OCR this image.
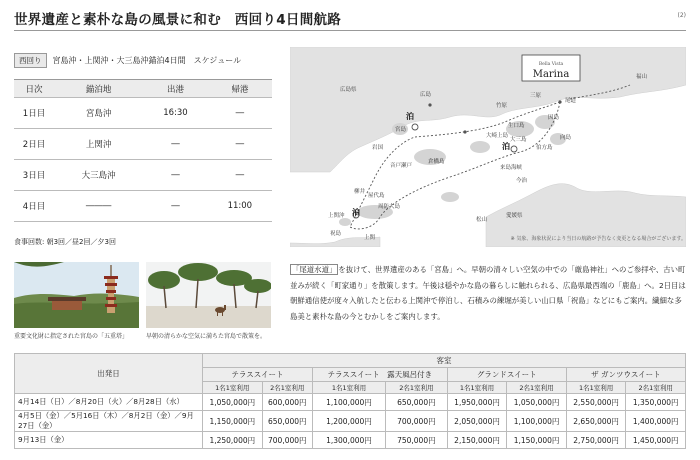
世界遺産と素朴な島の風景に和む　西回り4日間航路	(2)
西回り	宮島沖・上関沖・大三島沖錨泊4日間　スケジュール
日次	錨泊地	出港	帰港
1日目	宮島沖	16:30	―
2日目	上関沖	―	―
3日目	大三島沖	―	―
4日目	―――	―	11:00
食事回数: 朝3回／昼2回／夕3回
重要文化財に指定された宮島の「五重塔」	早朝の清らかな空気に満ちた宮島で散策を。
Bella Vista
Marina
広島県
福山
三原
尾道
竹原
広島
宮島
岩国
音戸瀬戸
倉橋島
大崎上島
大三島
生口島
因島
向島
伯方島
来島海峡
今治
愛媛県
松山
柳井
上関沖
周防大島
祝島
上関
屋代島
泊
泊
泊
※ 気象、海象状況により当日の航路が予告なく変更となる場合がございます。
「尾道水道」 を抜けて、世界遺産のある「宮島」へ。早朝の清々しい空気の中での「厳島神社」へのご参拝や、古い町並みが続く「町家通り」を散策します。午後は穏やかな島の暮らしに触れられる、広島県最西端の「鹿島」へ。2日目は朝鮮通信使が度々入航したと伝わる上関沖で停泊し、石積みの練堀が美しい山口県「祝島」などにもご案内。繊細な多島美と素朴な島の今とむかしをご案内します。
出発日	客室							
	テラススイート		テラススイート　露天風呂付き		グランドスイート		ザ ガンツウスイート	
	1名1室利用	2名1室利用	1名1室利用	2名1室利用	1名1室利用	2名1室利用	1名1室利用	2名1室利用
4月14日（日）／8月20日（火）／8月28日（水）	1,050,000円	600,000円	1,100,000円	650,000円	1,950,000円	1,050,000円	2,550,000円	1,350,000円
4月5日（金）／5月16日（木）／8月2日（金）／9月27日（金）	1,150,000円	650,000円	1,200,000円	700,000円	2,050,000円	1,100,000円	2,650,000円	1,400,000円
9月13日（金）	1,250,000円	700,000円	1,300,000円	750,000円	2,150,000円	1,150,000円	2,750,000円	1,450,000円
